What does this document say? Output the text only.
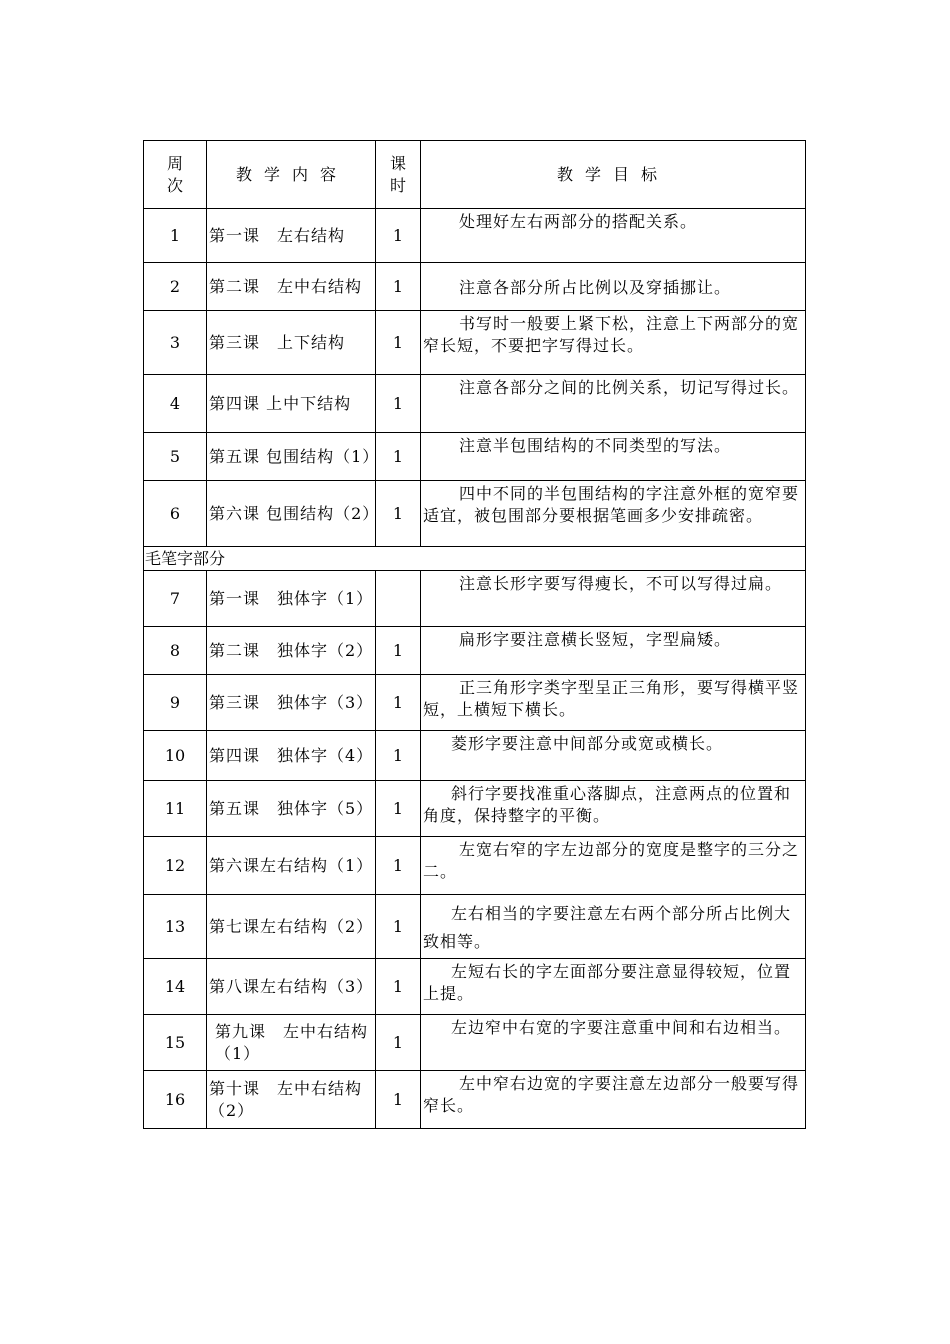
周次	教学内容	课时	教学目标
1	第一课　左右结构	1	处理好左右两部分的搭配关系。
2	第二课　左中右结构	1	注意各部分所占比例以及穿插挪让。
3	第三课　上下结构	1	书写时一般要上紧下松，注意上下两部分的宽窄长短，不要把字写得过长。
4	第四课 上中下结构	1	注意各部分之间的比例关系，切记写得过长。
5	第五课 包围结构（1）	1	注意半包围结构的不同类型的写法。
6	第六课 包围结构（2）	1	四中不同的半包围结构的字注意外框的宽窄要适宜，被包围部分要根据笔画多少安排疏密。
毛笔字部分			
7	第一课　独体字（1）		注意长形字要写得瘦长，不可以写得过扁。
8	第二课　独体字（2）	1	扁形字要注意横长竖短，字型扁矮。
9	第三课　独体字（3）	1	正三角形字类字型呈正三角形，要写得横平竖短，上横短下横长。
10	第四课　独体字（4）	1	菱形字要注意中间部分或宽或横长。
11	第五课　独体字（5）	1	斜行字要找准重心落脚点，注意两点的位置和角度，保持整字的平衡。
12	第六课左右结构（1）	1	左宽右窄的字左边部分的宽度是整字的三分之二。
13	第七课左右结构（2）	1	左右相当的字要注意左右两个部分所占比例大致相等。
14	第八课左右结构（3）	1	左短右长的字左面部分要注意显得较短，位置上提。
15	第九课　左中右结构（1）	1	左边窄中右宽的字要注意重中间和右边相当。
16	第十课　左中右结构（2）	1	左中窄右边宽的字要注意左边部分一般要写得窄长。
